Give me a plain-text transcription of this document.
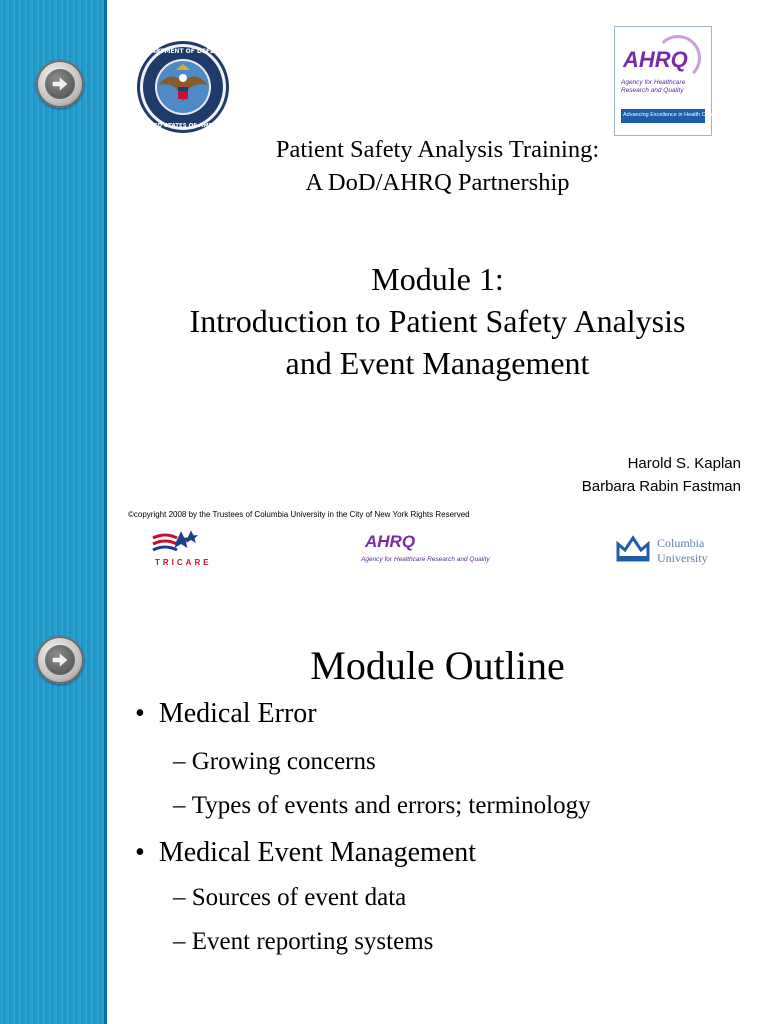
DEPARTMENT OF DEFENSE
UNITED STATES OF AMERICA
AHRQ
Agency for Healthcare Research and Quality
Advancing Excellence in Health Care www.ahrq.gov
Patient Safety Analysis Training:
A DoD/AHRQ Partnership
Module 1:
Introduction to Patient Safety Analysis
and Event Management
Harold S. Kaplan
Barbara Rabin Fastman
©copyright 2008 by the Trustees of Columbia University in the City of New York Rights Reserved
TRICARE
AHRQ
Agency for Healthcare Research and Quality
Columbia
University
Module Outline
• Medical Error
– Growing concerns
– Types of events and errors; terminology
• Medical Event Management
– Sources of event data
– Event reporting systems
